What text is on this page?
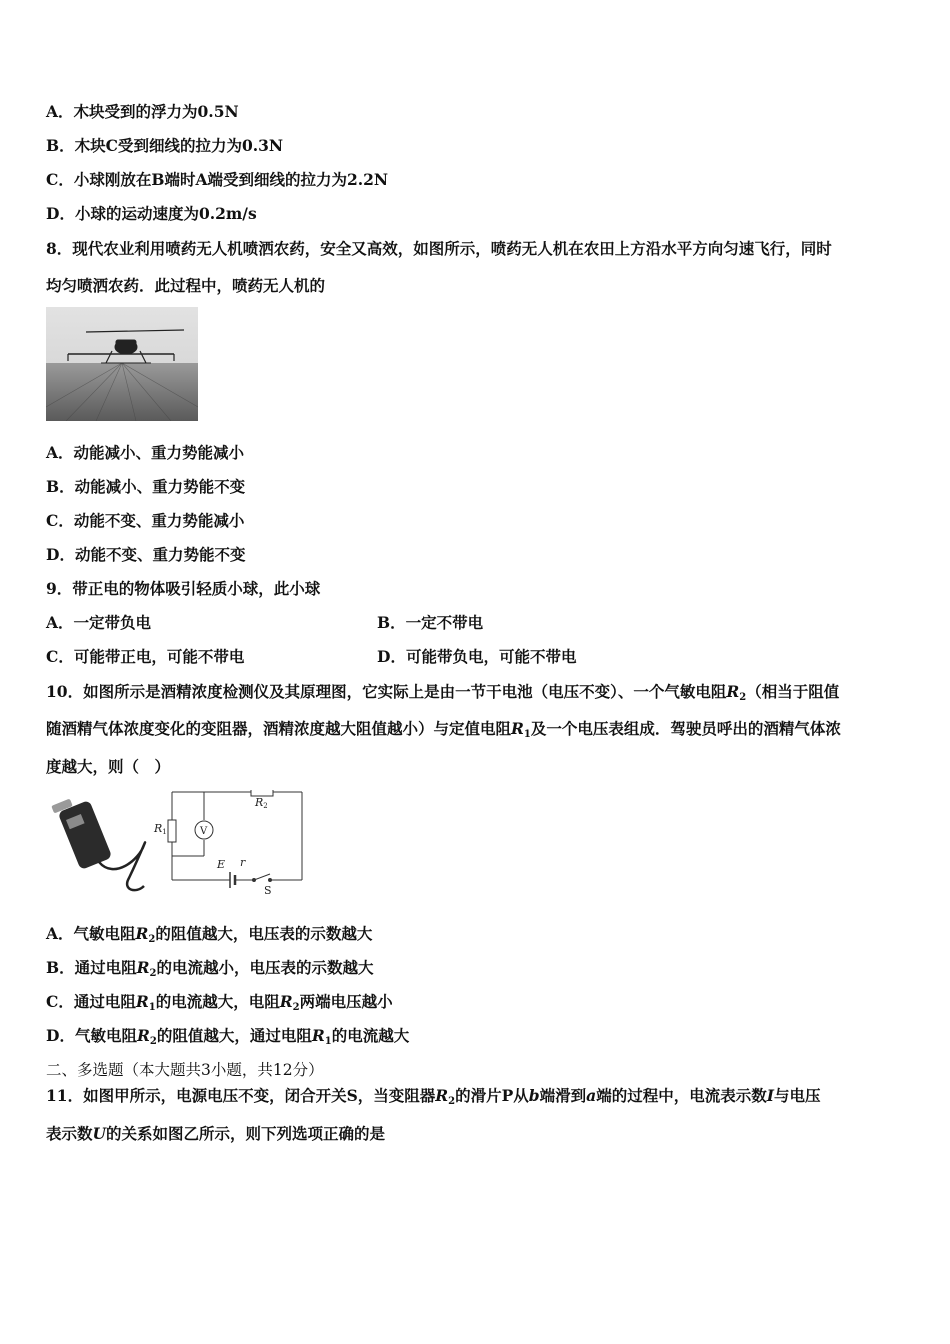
A．木块受到的浮力为0.5N
B．木块C受到细线的拉力为0.3N
C．小球刚放在B端时A端受到细线的拉力为2.2N
D．小球的运动速度为0.2m/s
8．现代农业利用喷药无人机喷洒农药，安全又高效，如图所示，喷药无人机在农田上方沿水平方向匀速飞行，同时
均匀喷洒农药．此过程中，喷药无人机的
A．动能减小、重力势能减小
B．动能减小、重力势能不变
C．动能不变、重力势能减小
D．动能不变、重力势能不变
9．带正电的物体吸引轻质小球，此小球
A．一定带负电	B．一定不带电
C．可能带正电，可能不带电	D．可能带负电，可能不带电
10．如图所示是酒精浓度检测仪及其原理图，它实际上是由一节干电池（电压不变）、一个气敏电阻$R_2$（相当于阻值
随酒精气体浓度变化的变阻器，酒精浓度越大阻值越小）与定值电阻$R_1$及一个电压表组成．驾驶员呼出的酒精气体浓
度越大，则（　）
R2
R1	V
E r
S
A．气敏电阻$R_2$的阻值越大，电压表的示数越大
B．通过电阻$R_2$的电流越小，电压表的示数越大
C．通过电阻$R_1$的电流越大，电阻$R_2$两端电压越小
D．气敏电阻$R_2$的阻值越大，通过电阻$R_1$的电流越大
二、多选题（本大题共3小题，共12分）
11．如图甲所示，电源电压不变，闭合开关S，当变阻器$R_2$的滑片P从b端滑到a端的过程中，电流表示数I与电压
表示数U的关系如图乙所示，则下列选项正确的是
